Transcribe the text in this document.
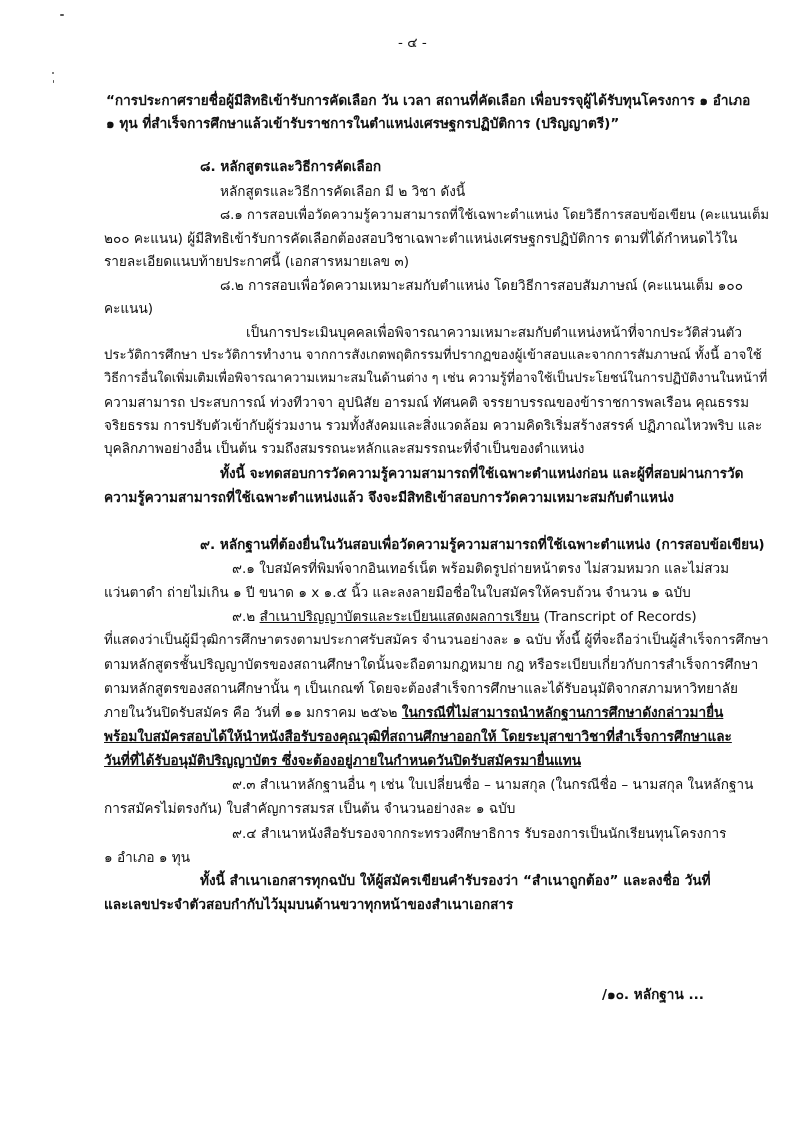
- ๔ -
“การประกาศรายชื่อผู้มีสิทธิเข้ารับการคัดเลือก วัน เวลา สถานที่คัดเลือก เพื่อบรรจุผู้ได้รับทุนโครงการ ๑ อำเภอ
๑ ทุน ที่สำเร็จการศึกษาแล้วเข้ารับราชการในตำแหน่งเศรษฐกรปฏิบัติการ (ปริญญาตรี)”
๘. หลักสูตรและวิธีการคัดเลือก
หลักสูตรและวิธีการคัดเลือก มี ๒ วิชา ดังนี้
๘.๑ การสอบเพื่อวัดความรู้ความสามารถที่ใช้เฉพาะตำแหน่ง โดยวิธีการสอบข้อเขียน (คะแนนเต็ม
๒๐๐ คะแนน) ผู้มีสิทธิเข้ารับการคัดเลือกต้องสอบวิชาเฉพาะตำแหน่งเศรษฐกรปฏิบัติการ ตามที่ได้กำหนดไว้ใน
รายละเอียดแนบท้ายประกาศนี้ (เอกสารหมายเลข ๓)
๘.๒ การสอบเพื่อวัดความเหมาะสมกับตำแหน่ง โดยวิธีการสอบสัมภาษณ์ (คะแนนเต็ม ๑๐๐
คะแนน)
เป็นการประเมินบุคคลเพื่อพิจารณาความเหมาะสมกับตำแหน่งหน้าที่จากประวัติส่วนตัว
ประวัติการศึกษา ประวัติการทำงาน จากการสังเกตพฤติกรรมที่ปรากฏของผู้เข้าสอบและจากการสัมภาษณ์ ทั้งนี้ อาจใช้
วิธีการอื่นใดเพิ่มเติมเพื่อพิจารณาความเหมาะสมในด้านต่าง ๆ เช่น ความรู้ที่อาจใช้เป็นประโยชน์ในการปฏิบัติงานในหน้าที่
ความสามารถ ประสบการณ์ ท่วงทีวาจา อุปนิสัย อารมณ์ ทัศนคติ จรรยาบรรณของข้าราชการพลเรือน คุณธรรม
จริยธรรม การปรับตัวเข้ากับผู้ร่วมงาน รวมทั้งสังคมและสิ่งแวดล้อม ความคิดริเริ่มสร้างสรรค์ ปฏิภาณไหวพริบ และ
บุคลิกภาพอย่างอื่น เป็นต้น รวมถึงสมรรถนะหลักและสมรรถนะที่จำเป็นของตำแหน่ง
ทั้งนี้ จะทดสอบการวัดความรู้ความสามารถที่ใช้เฉพาะตำแหน่งก่อน และผู้ที่สอบผ่านการวัด
ความรู้ความสามารถที่ใช้เฉพาะตำแหน่งแล้ว จึงจะมีสิทธิเข้าสอบการวัดความเหมาะสมกับตำแหน่ง
๙. หลักฐานที่ต้องยื่นในวันสอบเพื่อวัดความรู้ความสามารถที่ใช้เฉพาะตำแหน่ง (การสอบข้อเขียน)
๙.๑ ใบสมัครที่พิมพ์จากอินเทอร์เน็ต พร้อมติดรูปถ่ายหน้าตรง ไม่สวมหมวก และไม่สวม
แว่นตาดำ ถ่ายไม่เกิน ๑ ปี ขนาด ๑ x ๑.๕ นิ้ว และลงลายมือชื่อในใบสมัครให้ครบถ้วน จำนวน ๑ ฉบับ
๙.๒ สำเนาปริญญาบัตรและระเบียนแสดงผลการเรียน (Transcript of Records)
ที่แสดงว่าเป็นผู้มีวุฒิการศึกษาตรงตามประกาศรับสมัคร จำนวนอย่างละ ๑ ฉบับ ทั้งนี้ ผู้ที่จะถือว่าเป็นผู้สำเร็จการศึกษา
ตามหลักสูตรชั้นปริญญาบัตรของสถานศึกษาใดนั้นจะถือตามกฎหมาย กฎ หรือระเบียบเกี่ยวกับการสำเร็จการศึกษา
ตามหลักสูตรของสถานศึกษานั้น ๆ เป็นเกณฑ์ โดยจะต้องสำเร็จการศึกษาและได้รับอนุมัติจากสภามหาวิทยาลัย
ภายในวันปิดรับสมัคร คือ วันที่ ๑๑ มกราคม ๒๕๖๒ ในกรณีที่ไม่สามารถนำหลักฐานการศึกษาดังกล่าวมายื่น
พร้อมใบสมัครสอบได้ให้นำหนังสือรับรองคุณวุฒิที่สถานศึกษาออกให้ โดยระบุสาขาวิชาที่สำเร็จการศึกษาและ
วันที่ที่ได้รับอนุมัติปริญญาบัตร ซึ่งจะต้องอยู่ภายในกำหนดวันปิดรับสมัครมายื่นแทน
๙.๓ สำเนาหลักฐานอื่น ๆ เช่น ใบเปลี่ยนชื่อ – นามสกุล (ในกรณีชื่อ – นามสกุล ในหลักฐาน
การสมัครไม่ตรงกัน) ใบสำคัญการสมรส เป็นต้น จำนวนอย่างละ ๑ ฉบับ
๙.๔ สำเนาหนังสือรับรองจากกระทรวงศึกษาธิการ รับรองการเป็นนักเรียนทุนโครงการ
๑ อำเภอ ๑ ทุน
ทั้งนี้ สำเนาเอกสารทุกฉบับ ให้ผู้สมัครเขียนคำรับรองว่า “สำเนาถูกต้อง” และลงชื่อ วันที่
และเลขประจำตัวสอบกำกับไว้มุมบนด้านขวาทุกหน้าของสำเนาเอกสาร
/๑๐. หลักฐาน ...
